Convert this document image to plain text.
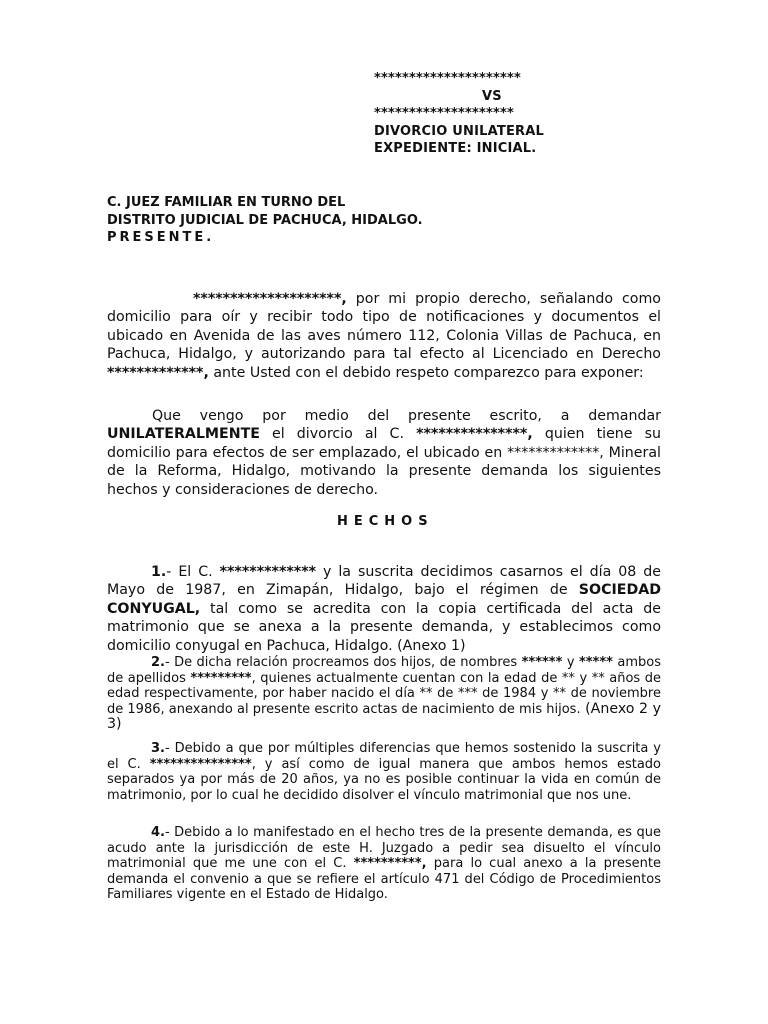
*********************
VS
********************
DIVORCIO UNILATERAL
EXPEDIENTE: INICIAL.
C. JUEZ FAMILIAR EN TURNO DEL
DISTRITO JUDICIAL DE PACHUCA, HIDALGO.
PRESENTE.
********************, por mi propio derecho, señalando como domicilio para oír y recibir todo tipo de notificaciones y documentos el ubicado en Avenida de las aves número 112, Colonia Villas de Pachuca, en Pachuca, Hidalgo, y autorizando para tal efecto al Licenciado en Derecho *************, ante Usted con el debido respeto comparezco para exponer:
Que vengo por medio del presente escrito, a demandar UNILATERALMENTE el divorcio al C. ***************, quien tiene su domicilio para efectos de ser emplazado, el ubicado en *************, Mineral de la Reforma, Hidalgo, motivando la presente demanda los siguientes hechos y consideraciones de derecho.
HECHOS
1.- El C. ************* y la suscrita decidimos casarnos el día 08 de Mayo de 1987, en Zimapán, Hidalgo, bajo el régimen de SOCIEDAD CONYUGAL, tal como se acredita con la copia certificada del acta de matrimonio que se anexa a la presente demanda, y establecimos como domicilio conyugal en Pachuca, Hidalgo. (Anexo 1)
2.- De dicha relación procreamos dos hijos, de nombres ****** y ***** ambos de apellidos *********, quienes actualmente cuentan con la edad de ** y ** años de edad respectivamente, por haber nacido el día ** de *** de 1984 y ** de noviembre de 1986, anexando al presente escrito actas de nacimiento de mis hijos. (Anexo 2 y 3)
3.- Debido a que por múltiples diferencias que hemos sostenido la suscrita y el C. ***************, y así como de igual manera que ambos hemos estado separados ya por más de 20 años, ya no es posible continuar la vida en común de matrimonio, por lo cual he decidido disolver el vínculo matrimonial que nos une.
4.- Debido a lo manifestado en el hecho tres de la presente demanda, es que acudo ante la jurisdicción de este H. Juzgado a pedir sea disuelto el vínculo matrimonial que me une con el C. **********, para lo cual anexo a la presente demanda el convenio a que se refiere el artículo 471 del Código de Procedimientos Familiares vigente en el Estado de Hidalgo.
